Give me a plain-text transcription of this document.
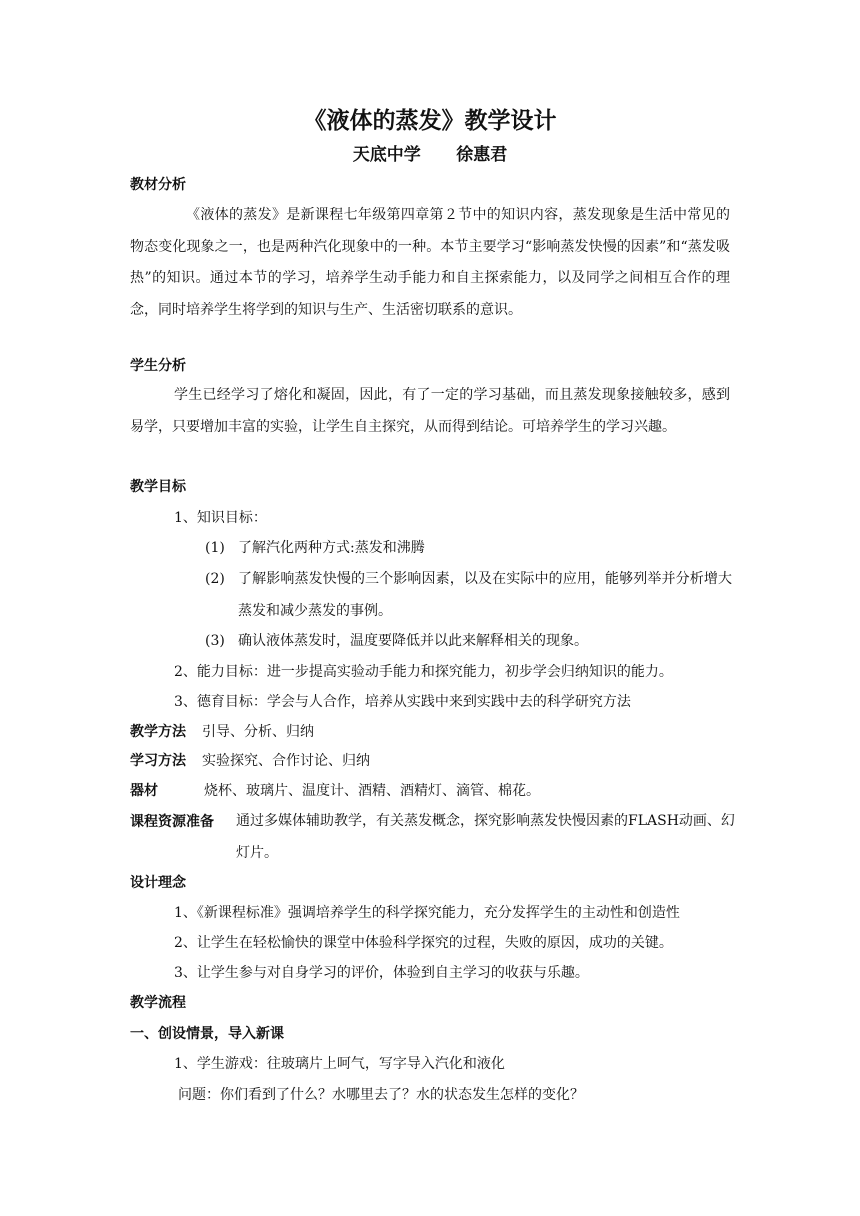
《液体的蒸发》教学设计
天底中学      徐惠君
教材分析
《液体的蒸发》是新课程七年级第四章第２节中的知识内容，蒸发现象是生活中常见的物态变化现象之一，也是两种汽化现象中的一种。本节主要学习“影响蒸发快慢的因素”和“蒸发吸热”的知识。通过本节的学习，培养学生动手能力和自主探索能力，以及同学之间相互合作的理念，同时培养学生将学到的知识与生产、生活密切联系的意识。
学生分析
学生已经学习了熔化和凝固，因此，有了一定的学习基础，而且蒸发现象接触较多，感到易学，只要增加丰富的实验，让学生自主探究，从而得到结论。可培养学生的学习兴趣。
教学目标
1、知识目标：
(1) 了解汽化两种方式:蒸发和沸腾
(2) 了解影响蒸发快慢的三个影响因素，以及在实际中的应用，能够列举并分析增大蒸发和减少蒸发的事例。
(3) 确认液体蒸发时，温度要降低并以此来解释相关的现象。
2、能力目标：进一步提高实验动手能力和探究能力，初步学会归纳知识的能力。
3、德育目标：学会与人合作，培养从实践中来到实践中去的科学研究方法
教学方法 引导、分析、归纳
学习方法 实验探究、合作讨论、归纳
器材	烧杯、玻璃片、温度计、酒精、酒精灯、滴管、棉花。
课程资源准备 通过多媒体辅助教学，有关蒸发概念，探究影响蒸发快慢因素的FLASH动画、幻灯片。
设计理念
1、《新课程标准》强调培养学生的科学探究能力，充分发挥学生的主动性和创造性
2、让学生在轻松愉快的课堂中体验科学探究的过程，失败的原因，成功的关键。
3、让学生参与对自身学习的评价，体验到自主学习的收获与乐趣。
教学流程
一、创设情景，导入新课
1、学生游戏：往玻璃片上呵气，写字导入汽化和液化
问题：你们看到了什么？水哪里去了？水的状态发生怎样的变化？
